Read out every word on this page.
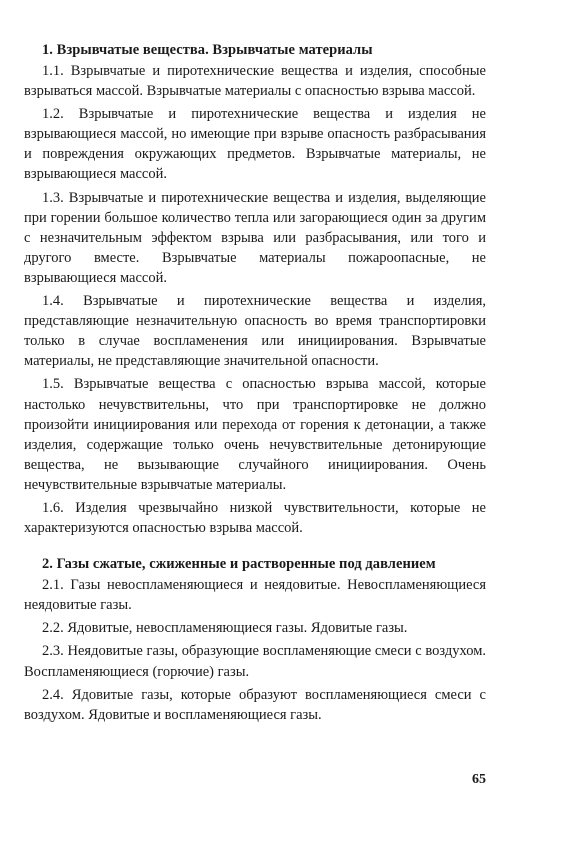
1. Взрывчатые вещества. Взрывчатые материалы

1.1. Взрывчатые и пиротехнические вещества и изделия, способные взрываться массой. Взрывчатые материалы с опасностью взрыва массой.

1.2. Взрывчатые и пиротехнические вещества и изделия не взрывающиеся массой, но имеющие при взрыве опасность разбрасывания и повреждения окружающих предметов. Взрывчатые материалы, не взрывающиеся массой.

1.3. Взрывчатые и пиротехнические вещества и изделия, выделяющие при горении большое количество тепла или загорающиеся один за другим с незначительным эффектом взрыва или разбрасывания, или того и другого вместе. Взрывчатые материалы пожароопасные, не взрывающиеся массой.

1.4. Взрывчатые и пиротехнические вещества и изделия, представляющие незначительную опасность во время транспортировки только в случае воспламенения или инициирования. Взрывчатые материалы, не представляющие значительной опасности.

1.5. Взрывчатые вещества с опасностью взрыва массой, которые настолько нечувствительны, что при транспортировке не должно произойти инициирования или перехода от горения к детонации, а также изделия, содержащие только очень нечувствительные детонирующие вещества, не вызывающие случайного инициирования. Очень нечувствительные взрывчатые материалы.

1.6. Изделия чрезвычайно низкой чувствительности, которые не характеризуются опасностью взрыва массой.

2. Газы сжатые, сжиженные и растворенные под давлением

2.1. Газы невоспламеняющиеся и неядовитые. Невоспламеняющиеся неядовитые газы.

2.2. Ядовитые, невоспламеняющиеся газы. Ядовитые газы.

2.3. Неядовитые газы, образующие воспламеняющие смеси с воздухом. Воспламеняющиеся (горючие) газы.

2.4. Ядовитые газы, которые образуют воспламеняющиеся смеси с воздухом. Ядовитые и воспламеняющиеся газы.

65
